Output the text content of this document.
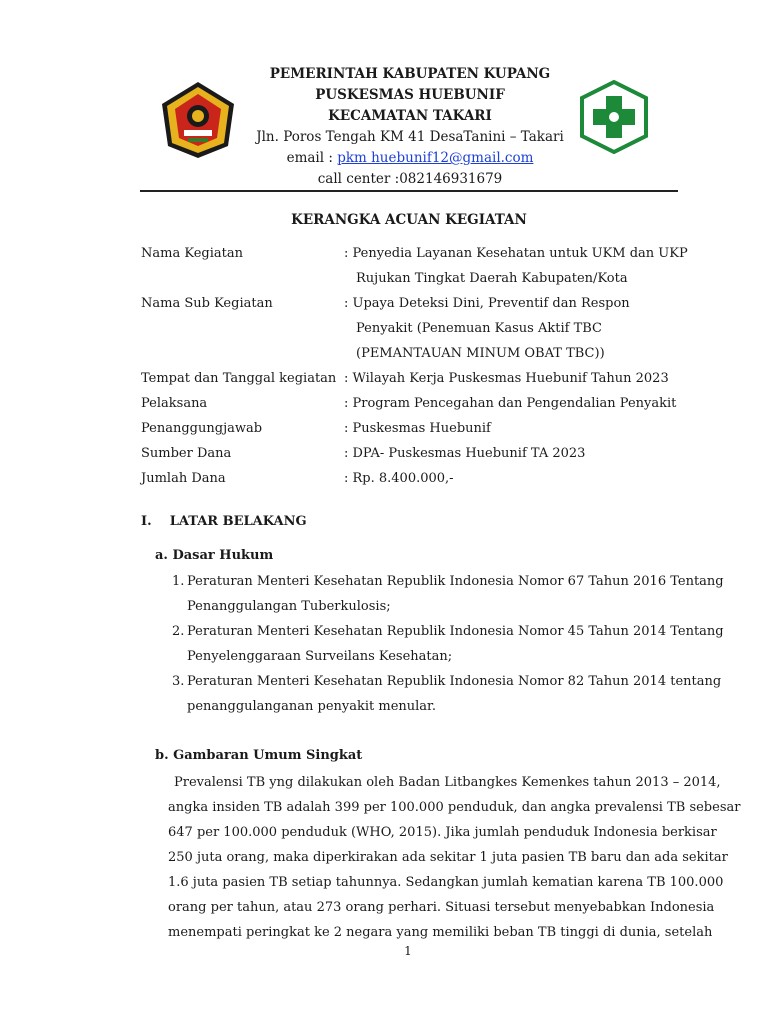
PEMERINTAH KABUPATEN KUPANG
PUSKESMAS HUEBUNIF
KECAMATAN TAKARI
Jln. Poros Tengah KM 41 DesaTanini – Takari
email : pkm huebunif12@gmail.com
call center :082146931679
KERANGKA ACUAN KEGIATAN
Nama Kegiatan	: Penyedia Layanan Kesehatan untuk UKM dan UKP
Rujukan Tingkat Daerah Kabupaten/Kota
Nama Sub Kegiatan	: Upaya Deteksi Dini, Preventif dan Respon
Penyakit (Penemuan Kasus Aktif TBC
(PEMANTAUAN MINUM OBAT TBC))
Tempat dan Tanggal kegiatan : Wilayah Kerja Puskesmas Huebunif Tahun 2023
Pelaksana	: Program Pencegahan dan Pengendalian Penyakit
Penanggungjawab	: Puskesmas Huebunif
Sumber Dana	: DPA- Puskesmas Huebunif TA 2023
Jumlah Dana	: Rp. 8.400.000,-
I.    LATAR BELAKANG
a. Dasar Hukum
1. Peraturan Menteri Kesehatan Republik Indonesia Nomor 67 Tahun 2016 Tentang
Penanggulangan Tuberkulosis;
2. Peraturan Menteri Kesehatan Republik Indonesia Nomor 45 Tahun 2014 Tentang
Penyelenggaraan Surveilans Kesehatan;
3. Peraturan Menteri Kesehatan Republik Indonesia Nomor 82 Tahun 2014 tentang
penanggulanganan penyakit menular.
b. Gambaran Umum Singkat
Prevalensi TB yng dilakukan oleh Badan Litbangkes Kemenkes tahun 2013 – 2014,
angka insiden TB adalah 399 per 100.000 penduduk, dan angka prevalensi TB sebesar
647 per 100.000 penduduk (WHO, 2015). Jika jumlah penduduk Indonesia berkisar
250 juta orang, maka diperkirakan ada sekitar 1 juta pasien TB baru dan ada sekitar
1.6 juta pasien TB setiap tahunnya. Sedangkan jumlah kematian karena TB 100.000
orang per tahun, atau 273 orang perhari. Situasi tersebut menyebabkan Indonesia
menempati peringkat ke 2 negara yang memiliki beban TB tinggi di dunia, setelah
1
